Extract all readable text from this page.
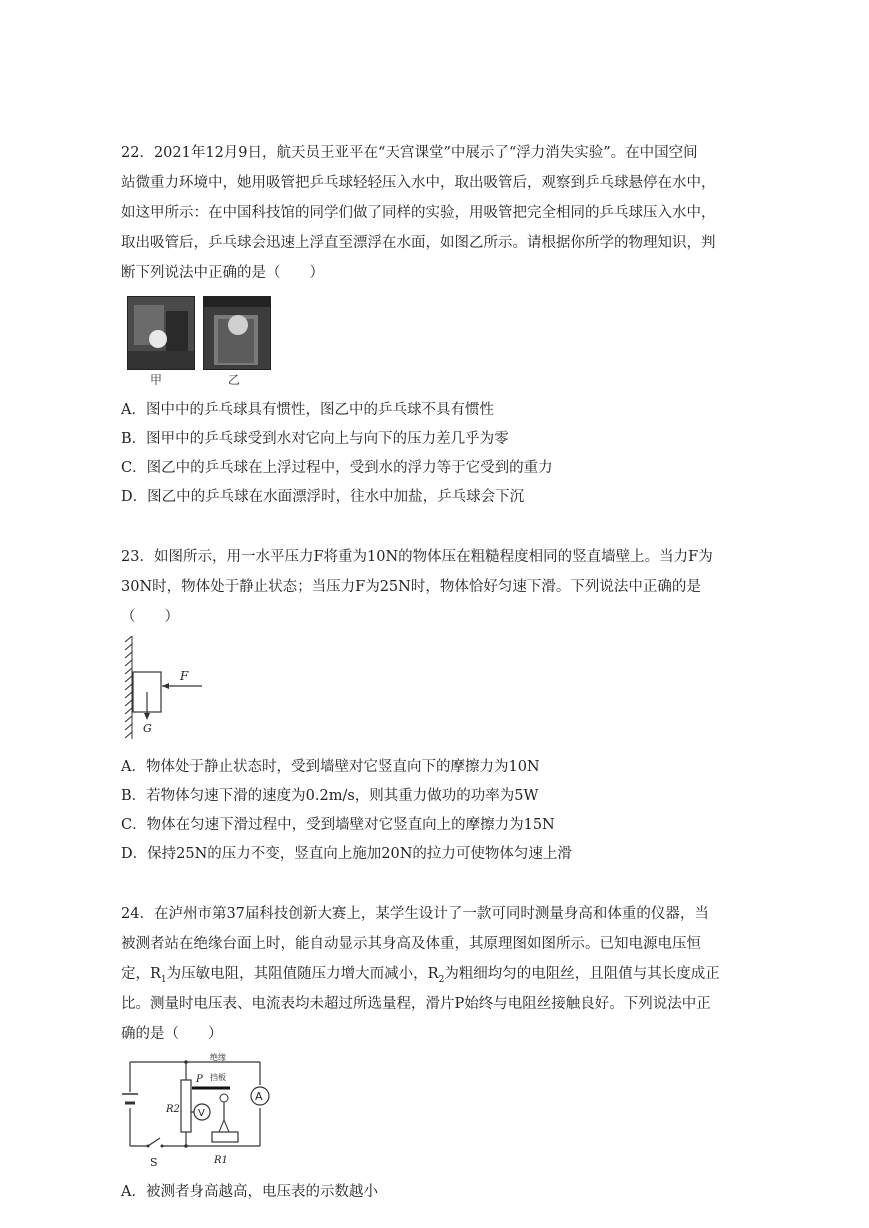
22．2021年12月9日，航天员王亚平在“天宫课堂”中展示了“浮力消失实验”。在中国空间
站微重力环境中，她用吸管把乒乓球轻轻压入水中，取出吸管后，观察到乒乓球悬停在水中，
如这甲所示：在中国科技馆的同学们做了同样的实验，用吸管把完全相同的乒乓球压入水中，
取出吸管后，乒乓球会迅速上浮直至漂浮在水面，如图乙所示。请根据你所学的物理知识，判
断下列说法中正确的是（　　）
甲	乙
A．图中中的乒乓球具有惯性，图乙中的乒乓球不具有惯性
B．图甲中的乒乓球受到水对它向上与向下的压力差几乎为零
C．图乙中的乒乓球在上浮过程中，受到水的浮力等于它受到的重力
D．图乙中的乒乓球在水面漂浮时，往水中加盐，乒乓球会下沉
23．如图所示，用一水平压力F将重为10N的物体压在粗糙程度相同的竖直墙壁上。当力F为
30N时，物体处于静止状态；当压力F为25N时，物体恰好匀速下滑。下列说法中正确的是
（　　）
F
G
A．物体处于静止状态时，受到墙壁对它竖直向下的摩擦力为10N
B．若物体匀速下滑的速度为0.2m/s，则其重力做功的功率为5W
C．物体在匀速下滑过程中，受到墙壁对它竖直向上的摩擦力为15N
D．保持25N的压力不变，竖直向上施加20N的拉力可使物体匀速上滑
24．在泸州市第37届科技创新大赛上，某学生设计了一款可同时测量身高和体重的仪器，当
被测者站在绝缘台面上时，能自动显示其身高及体重，其原理图如图所示。已知电源电压恒
定，$R_1$为压敏电阻，其阻值随压力增大而减小，$R_2$为粗细均匀的电阻丝，且阻值与其长度成正
比。测量时电压表、电流表均未超过所选量程，滑片P始终与电阻丝接触良好。下列说法中正
确的是（　　）
S
R2
P
绝缘
挡板
V
R1
A
A．被测者身高越高，电压表的示数越小
